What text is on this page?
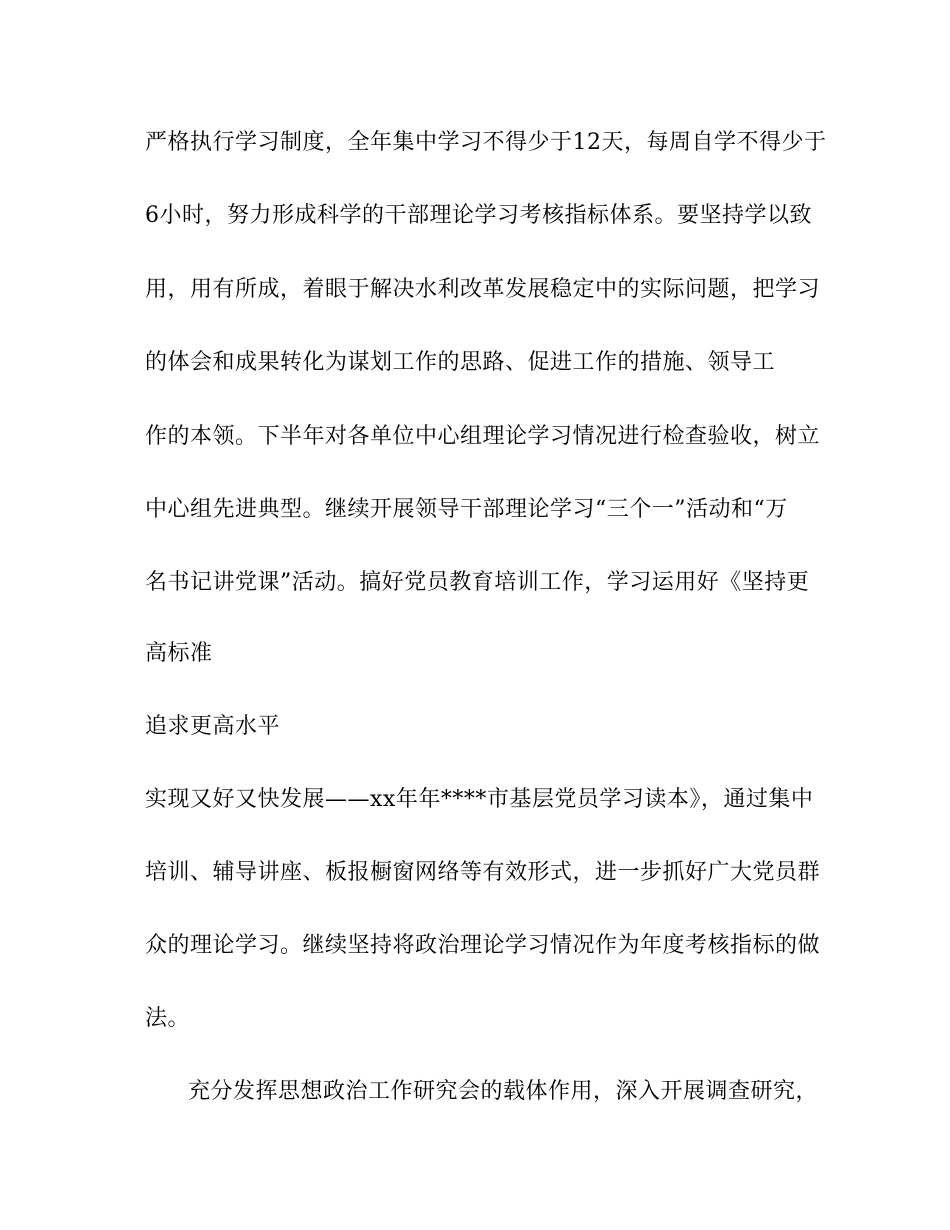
严格执行学习制度，全年集中学习不得少于12天，每周自学不得少于
6小时，努力形成科学的干部理论学习考核指标体系。要坚持学以致
用，用有所成，着眼于解决水利改革发展稳定中的实际问题，把学习
的体会和成果转化为谋划工作的思路、促进工作的措施、领导工
作的本领。下半年对各单位中心组理论学习情况进行检查验收，树立
中心组先进典型。继续开展领导干部理论学习“三个一”活动和“万
名书记讲党课”活动。搞好党员教育培训工作，学习运用好《坚持更
高标准
追求更高水平
实现又好又快发展——xx年年****市基层党员学习读本》，通过集中
培训、辅导讲座、板报橱窗网络等有效形式，进一步抓好广大党员群
众的理论学习。继续坚持将政治理论学习情况作为年度考核指标的做
法。
充分发挥思想政治工作研究会的载体作用，深入开展调查研究，
